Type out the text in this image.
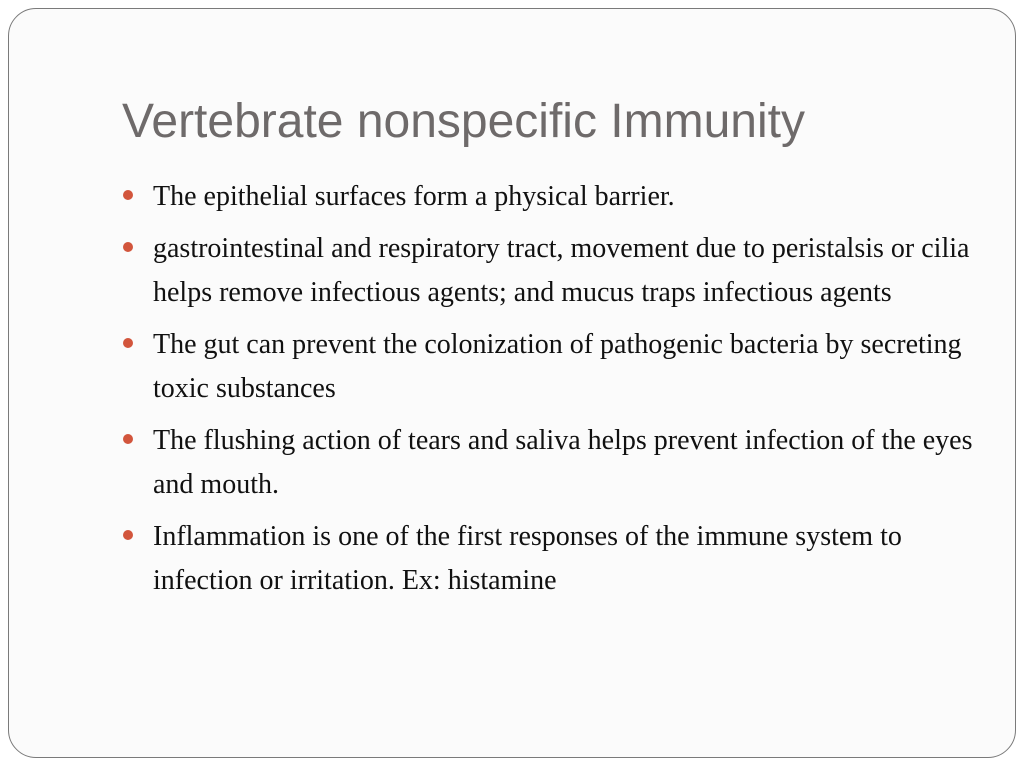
Vertebrate nonspecific Immunity
The epithelial surfaces form a physical barrier.
gastrointestinal and respiratory tract, movement due to peristalsis or cilia helps remove infectious agents; and mucus traps infectious agents
The gut can prevent the colonization of pathogenic bacteria by secreting toxic substances
The flushing action of tears and saliva helps prevent infection of the eyes and mouth.
Inflammation is one of the first responses of the immune system to infection or irritation. Ex: histamine
